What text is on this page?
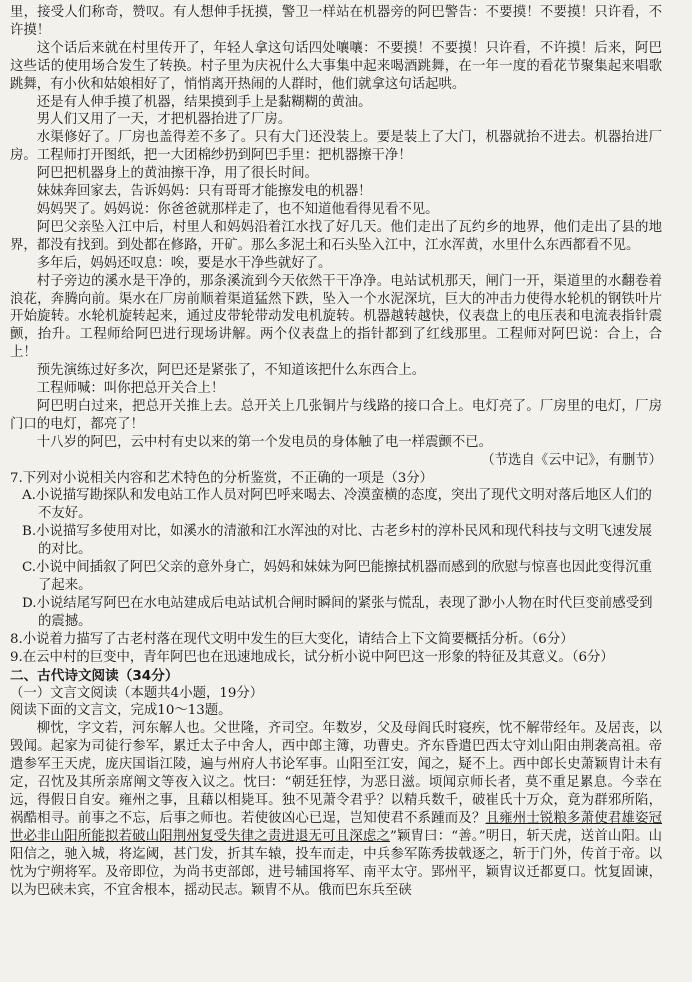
里，接受人们称奇，赞叹。有人想伸手抚摸，警卫一样站在机器旁的阿巴警告：不要摸！不要摸！只许看，不许摸！

这个话后来就在村里传开了，年轻人拿这句话四处嚷嚷：不要摸！不要摸！只许看，不许摸！后来，阿巴这些话的使用场合发生了转换。村子里为庆祝什么大事集中起来喝酒跳舞，在一年一度的看花节聚集起来唱歌跳舞，有小伙和姑娘相好了，悄悄离开热闹的人群时，他们就拿这句话起哄。

还是有人伸手摸了机器，结果摸到手上是黏糊糊的黄油。

男人们又用了一天，才把机器抬进了厂房。

水渠修好了。厂房也盖得差不多了。只有大门还没装上。要是装上了大门，机器就抬不进去。机器抬进厂房。工程师打开图纸，把一大团棉纱扔到阿巴手里：把机器擦干净！

阿巴把机器身上的黄油擦干净，用了很长时间。

妹妹奔回家去，告诉妈妈：只有哥哥才能擦发电的机器！

妈妈哭了。妈妈说：你爸爸就那样走了，也不知道他看得见看不见。

阿巴父亲坠入江中后，村里人和妈妈沿着江水找了好几天。他们走出了瓦约乡的地界，他们走出了县的地界，都没有找到。到处都在修路，开矿。那么多泥土和石头坠入江中，江水浑黄，水里什么东西都看不见。

多年后，妈妈还叹息：唉，要是水干净些就好了。

村子旁边的溪水是干净的，那条溪流到今天依然干干净净。电站试机那天，闸门一开，渠道里的水翻卷着浪花，奔腾向前。渠水在厂房前顺着渠道猛然下跌，坠入一个水泥深坑，巨大的冲击力使得水轮机的钢铁叶片开始旋转。水轮机旋转起来，通过皮带轮带动发电机旋转。机器越转越快，仪表盘上的电压表和电流表指针震颤，抬升。工程师给阿巴进行现场讲解。两个仪表盘上的指针都到了红线那里。工程师对阿巴说：合上，合上！

预先演练过好多次，阿巴还是紧张了，不知道该把什么东西合上。

工程师喊：叫你把总开关合上！

阿巴明白过来，把总开关推上去。总开关上几张铜片与线路的接口合上。电灯亮了。厂房里的电灯，厂房门口的电灯，都亮了！

十八岁的阿巴，云中村有史以来的第一个发电员的身体触了电一样震颤不已。

（节选自《云中记》，有删节）

7.下列对小说相关内容和艺术特色的分析鉴赏，不正确的一项是（3分）

A.小说描写勘探队和发电站工作人员对阿巴呼来喝去、冷漠蛮横的态度，突出了现代文明对落后地区人们的不友好。

B.小说描写多使用对比，如溪水的清澈和江水浑浊的对比、古老乡村的淳朴民风和现代科技与文明飞速发展的对比。

C.小说中间插叙了阿巴父亲的意外身亡，妈妈和妹妹为阿巴能擦拭机器而感到的欣慰与惊喜也因此变得沉重了起来。

D.小说结尾写阿巴在水电站建成后电站试机合闸时瞬间的紧张与慌乱，表现了渺小人物在时代巨变前感受到的震撼。

8.小说着力描写了古老村落在现代文明中发生的巨大变化，请结合上下文简要概括分析。（6分）

9.在云中村的巨变中，青年阿巴也在迅速地成长，试分析小说中阿巴这一形象的特征及其意义。（6分）

二、古代诗文阅读（34分）

（一）文言文阅读（本题共4小题，19分）

阅读下面的文言文，完成10～13题。

柳忱，字文若，河东解人也。父世隆，齐司空。年数岁，父及母阎氏时寝疾，忱不解带经年。及居丧，以毁闻。起家为司徒行参军，累迁太子中舍人，西中郎主簿，功曹史。齐东昏遣巴西太守刘山阳由荆袭高祖。帝遣参军王天虎，庞庆国诣江陵，遍与州府人书论军事。山阳至江安，闻之，疑不上。西中郎长史萧颖胄计未有定，召忱及其所亲席阐文等夜入议之。忱曰：“朝廷狂悖，为恶日滋。顷闻京师长者，莫不重足累息。今幸在远，得假日自安。雍州之事，且藉以相毙耳。独不见萧令君乎？以精兵数千，破崔氏十万众，竟为群邪所陷，祸酷相寻。前事之不忘，后事之师也。若使彼凶心已逞，岂知使君不系踵而及？且雍州士锐粮多萧使君雄姿冠世必非山阳所能拟若破山阳荆州复受失律之责进退无可且深虑之”颖胄曰：“善。”明日，斩天虎，送首山阳。山阳信之，驰入城，将迄阈，甚门发，折其车辕，投车而走，中兵参军陈秀拔戟逐之，斩于门外，传首于帝。以忱为宁朔将军。及帝即位，为尚书吏部郎，进号辅国将军、南平太守。郢州平，颖胄议迁都夏口。忱复固谏，以为巴硖未宾，不宜舍根本，摇动民志。颖胄不从。俄而巴东兵至硖
